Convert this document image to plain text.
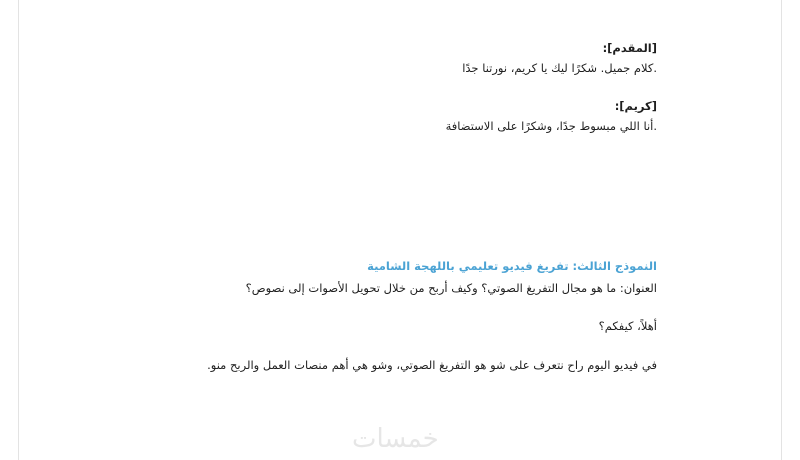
[المقدم]:
.كلام جميل. شكرًا ليك يا كريم، نورتنا جدًا
[كريم]:
.أنا اللي مبسوط جدًا، وشكرًا على الاستضافة
النموذج الثالث: تفريغ فيديو تعليمي باللهجة الشامية
العنوان: ما هو مجال التفريغ الصوتي؟ وكيف أربح من خلال تحويل الأصوات إلى نصوص؟
أهلاً، كيفكم؟
في فيديو اليوم راح نتعرف على شو هو التفريغ الصوتي، وشو هي أهم منصات العمل والربح منو.
خمسات
